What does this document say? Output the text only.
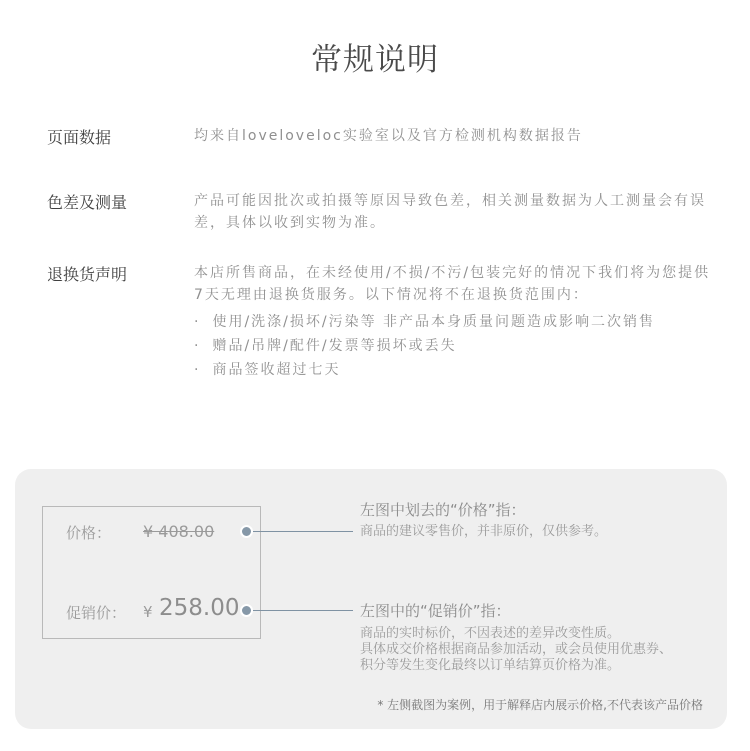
常规说明
页面数据	均来自loveloveloc实验室以及官方检测机构数据报告
色差及测量	产品可能因批次或拍摄等原因导致色差，相关测量数据为人工测量会有误差，具体以收到实物为准。
退换货声明	本店所售商品，在未经使用/不损/不污/包装完好的情况下我们将为您提供7天无理由退换货服务。以下情况将不在退换货范围内：
· 使用/洗涤/损坏/污染等 非产品本身质量问题造成影响二次销售
· 赠品/吊牌/配件/发票等损坏或丢失
· 商品签收超过七天
价格： ¥ 408.00
促销价： ¥ 258.00
左图中划去的“价格”指：
商品的建议零售价，并非原价，仅供参考。
左图中的“促销价”指：
商品的实时标价，不因表述的差异改变性质。
具体成交价格根据商品参加活动，或会员使用优惠券、
积分等发生变化最终以订单结算页价格为准。
* 左侧截图为案例，用于解释店内展示价格,不代表该产品价格
